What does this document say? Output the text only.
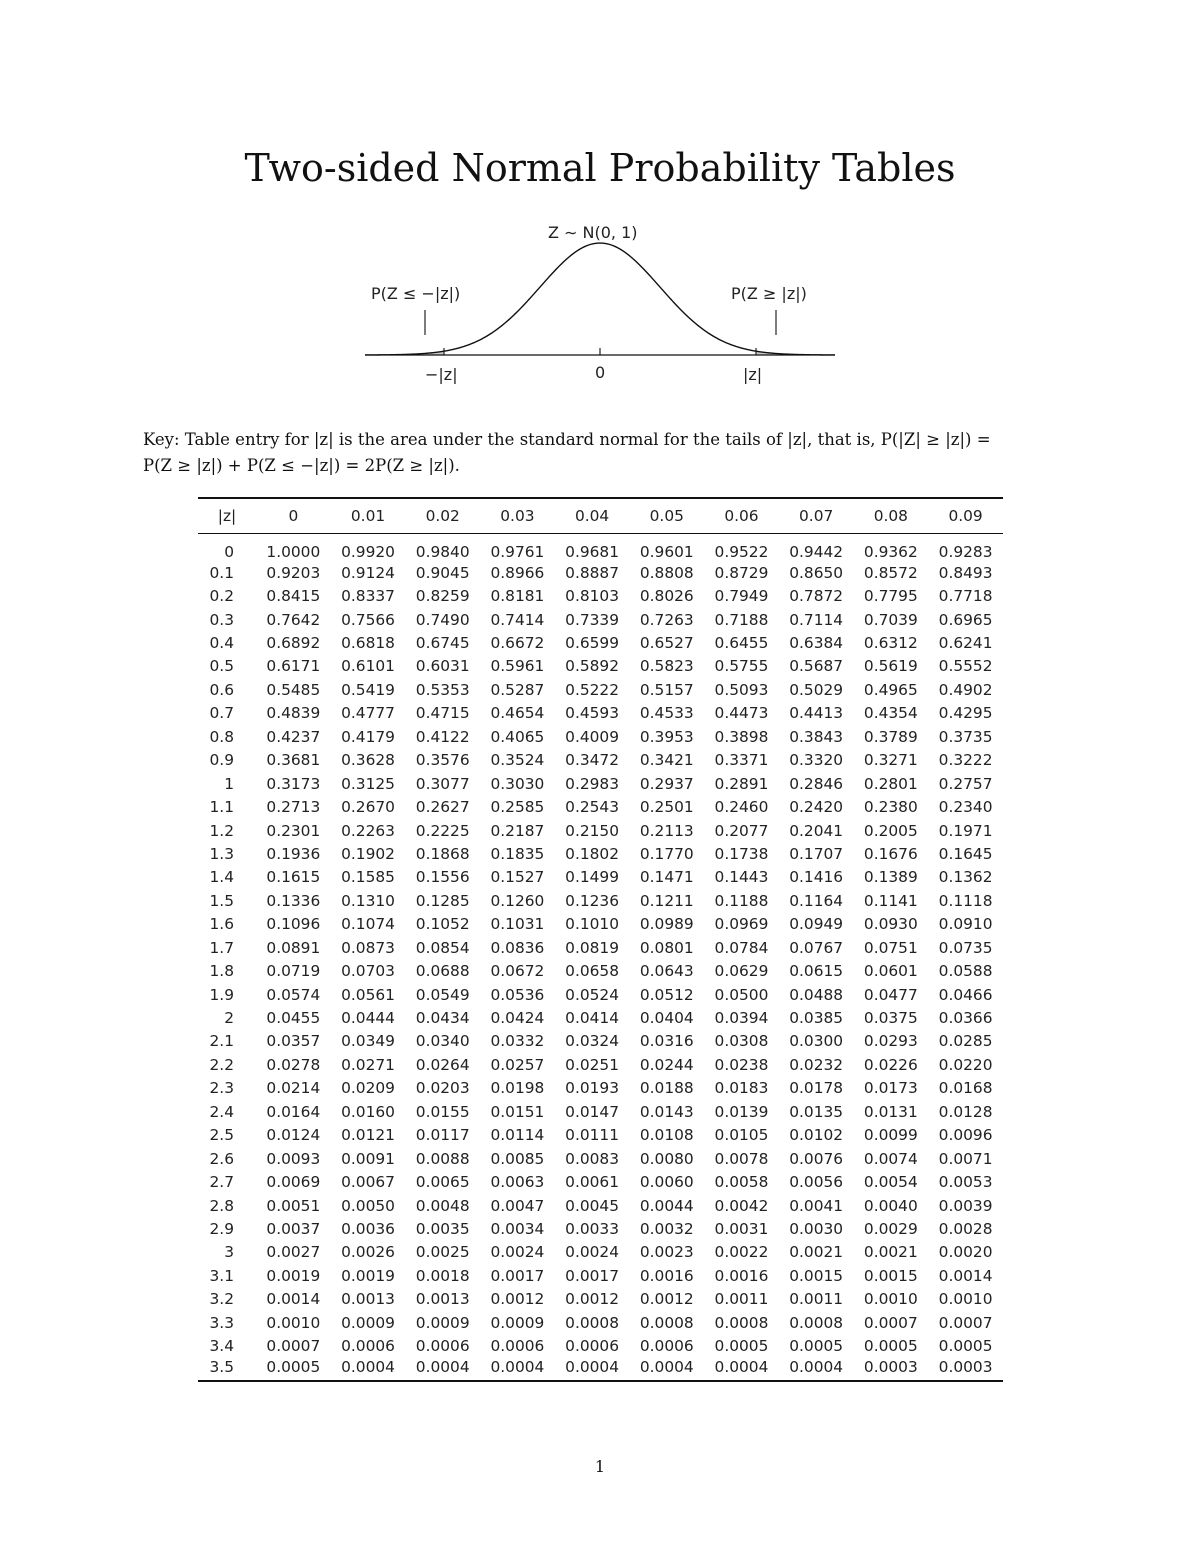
Two-sided Normal Probability Tables
Z ∼ N(0, 1)
P(Z ≤ −|z|)	P(Z ≥ |z|)
−|z|	0	|z|
Key: Table entry for |z| is the area under the standard normal for the tails of |z|, that is, P(|Z| ≥ |z|) =
P(Z ≥ |z|) + P(Z ≤ −|z|) = 2P(Z ≥ |z|).
|z|	0	0.01	0.02	0.03	0.04	0.05	0.06	0.07	0.08	0.09
0	1.0000	0.9920	0.9840	0.9761	0.9681	0.9601	0.9522	0.9442	0.9362	0.9283
0.1	0.9203	0.9124	0.9045	0.8966	0.8887	0.8808	0.8729	0.8650	0.8572	0.8493
0.2	0.8415	0.8337	0.8259	0.8181	0.8103	0.8026	0.7949	0.7872	0.7795	0.7718
0.3	0.7642	0.7566	0.7490	0.7414	0.7339	0.7263	0.7188	0.7114	0.7039	0.6965
0.4	0.6892	0.6818	0.6745	0.6672	0.6599	0.6527	0.6455	0.6384	0.6312	0.6241
0.5	0.6171	0.6101	0.6031	0.5961	0.5892	0.5823	0.5755	0.5687	0.5619	0.5552
0.6	0.5485	0.5419	0.5353	0.5287	0.5222	0.5157	0.5093	0.5029	0.4965	0.4902
0.7	0.4839	0.4777	0.4715	0.4654	0.4593	0.4533	0.4473	0.4413	0.4354	0.4295
0.8	0.4237	0.4179	0.4122	0.4065	0.4009	0.3953	0.3898	0.3843	0.3789	0.3735
0.9	0.3681	0.3628	0.3576	0.3524	0.3472	0.3421	0.3371	0.3320	0.3271	0.3222
1	0.3173	0.3125	0.3077	0.3030	0.2983	0.2937	0.2891	0.2846	0.2801	0.2757
1.1	0.2713	0.2670	0.2627	0.2585	0.2543	0.2501	0.2460	0.2420	0.2380	0.2340
1.2	0.2301	0.2263	0.2225	0.2187	0.2150	0.2113	0.2077	0.2041	0.2005	0.1971
1.3	0.1936	0.1902	0.1868	0.1835	0.1802	0.1770	0.1738	0.1707	0.1676	0.1645
1.4	0.1615	0.1585	0.1556	0.1527	0.1499	0.1471	0.1443	0.1416	0.1389	0.1362
1.5	0.1336	0.1310	0.1285	0.1260	0.1236	0.1211	0.1188	0.1164	0.1141	0.1118
1.6	0.1096	0.1074	0.1052	0.1031	0.1010	0.0989	0.0969	0.0949	0.0930	0.0910
1.7	0.0891	0.0873	0.0854	0.0836	0.0819	0.0801	0.0784	0.0767	0.0751	0.0735
1.8	0.0719	0.0703	0.0688	0.0672	0.0658	0.0643	0.0629	0.0615	0.0601	0.0588
1.9	0.0574	0.0561	0.0549	0.0536	0.0524	0.0512	0.0500	0.0488	0.0477	0.0466
2	0.0455	0.0444	0.0434	0.0424	0.0414	0.0404	0.0394	0.0385	0.0375	0.0366
2.1	0.0357	0.0349	0.0340	0.0332	0.0324	0.0316	0.0308	0.0300	0.0293	0.0285
2.2	0.0278	0.0271	0.0264	0.0257	0.0251	0.0244	0.0238	0.0232	0.0226	0.0220
2.3	0.0214	0.0209	0.0203	0.0198	0.0193	0.0188	0.0183	0.0178	0.0173	0.0168
2.4	0.0164	0.0160	0.0155	0.0151	0.0147	0.0143	0.0139	0.0135	0.0131	0.0128
2.5	0.0124	0.0121	0.0117	0.0114	0.0111	0.0108	0.0105	0.0102	0.0099	0.0096
2.6	0.0093	0.0091	0.0088	0.0085	0.0083	0.0080	0.0078	0.0076	0.0074	0.0071
2.7	0.0069	0.0067	0.0065	0.0063	0.0061	0.0060	0.0058	0.0056	0.0054	0.0053
2.8	0.0051	0.0050	0.0048	0.0047	0.0045	0.0044	0.0042	0.0041	0.0040	0.0039
2.9	0.0037	0.0036	0.0035	0.0034	0.0033	0.0032	0.0031	0.0030	0.0029	0.0028
3	0.0027	0.0026	0.0025	0.0024	0.0024	0.0023	0.0022	0.0021	0.0021	0.0020
3.1	0.0019	0.0019	0.0018	0.0017	0.0017	0.0016	0.0016	0.0015	0.0015	0.0014
3.2	0.0014	0.0013	0.0013	0.0012	0.0012	0.0012	0.0011	0.0011	0.0010	0.0010
3.3	0.0010	0.0009	0.0009	0.0009	0.0008	0.0008	0.0008	0.0008	0.0007	0.0007
3.4	0.0007	0.0006	0.0006	0.0006	0.0006	0.0006	0.0005	0.0005	0.0005	0.0005
3.5	0.0005	0.0004	0.0004	0.0004	0.0004	0.0004	0.0004	0.0004	0.0003	0.0003
1
